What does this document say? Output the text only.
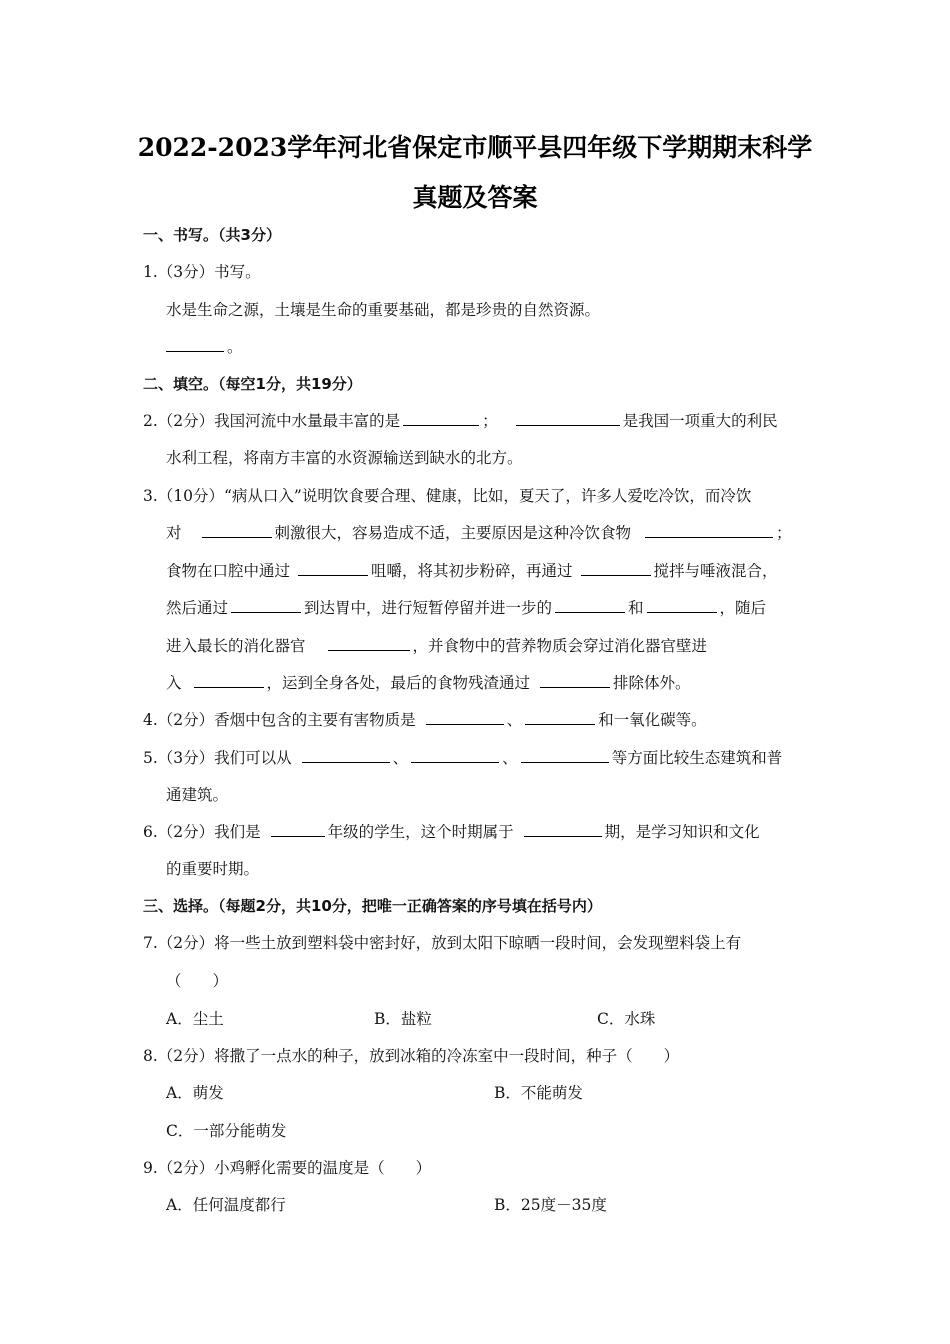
2022-2023学年河北省保定市顺平县四年级下学期期末科学
真题及答案
一、书写。（共3分）
1.（3分）书写。
水是生命之源，土壤是生命的重要基础，都是珍贵的自然资源。
。
二、填空。（每空1分，共19分）
2.（2分）我国河流中水量最丰富的是	；	是我国一项重大的利民
水利工程，将南方丰富的水资源输送到缺水的北方。
3.（10分）“病从口入”说明饮食要合理、健康，比如，夏天了，许多人爱吃冷饮，而冷饮
对	刺激很大，容易造成不适，主要原因是这种冷饮食物	；
食物在口腔中通过	咀嚼，将其初步粉碎，再通过	搅拌与唾液混合，
然后通过	到达胃中，进行短暂停留并进一步的	和	，随后
进入最长的消化器官	，并食物中的营养物质会穿过消化器官壁进
入	，运到全身各处，最后的食物残渣通过	排除体外。
4.（2分）香烟中包含的主要有害物质是	、	和一氧化碳等。
5.（3分）我们可以从	、	、	等方面比较生态建筑和普
通建筑。
6.（2分）我们是	年级的学生，这个时期属于	期，是学习知识和文化
的重要时期。
三、选择。（每题2分，共10分，把唯一正确答案的序号填在括号内）
7.（2分）将一些土放到塑料袋中密封好，放到太阳下晾晒一段时间，会发现塑料袋上有
（　　）
A．尘土	B．盐粒	C．水珠
8.（2分）将撒了一点水的种子，放到冰箱的冷冻室中一段时间，种子（　　）
A．萌发	B．不能萌发
C．一部分能萌发
9.（2分）小鸡孵化需要的温度是（　　）
A．任何温度都行	B．25度－35度
